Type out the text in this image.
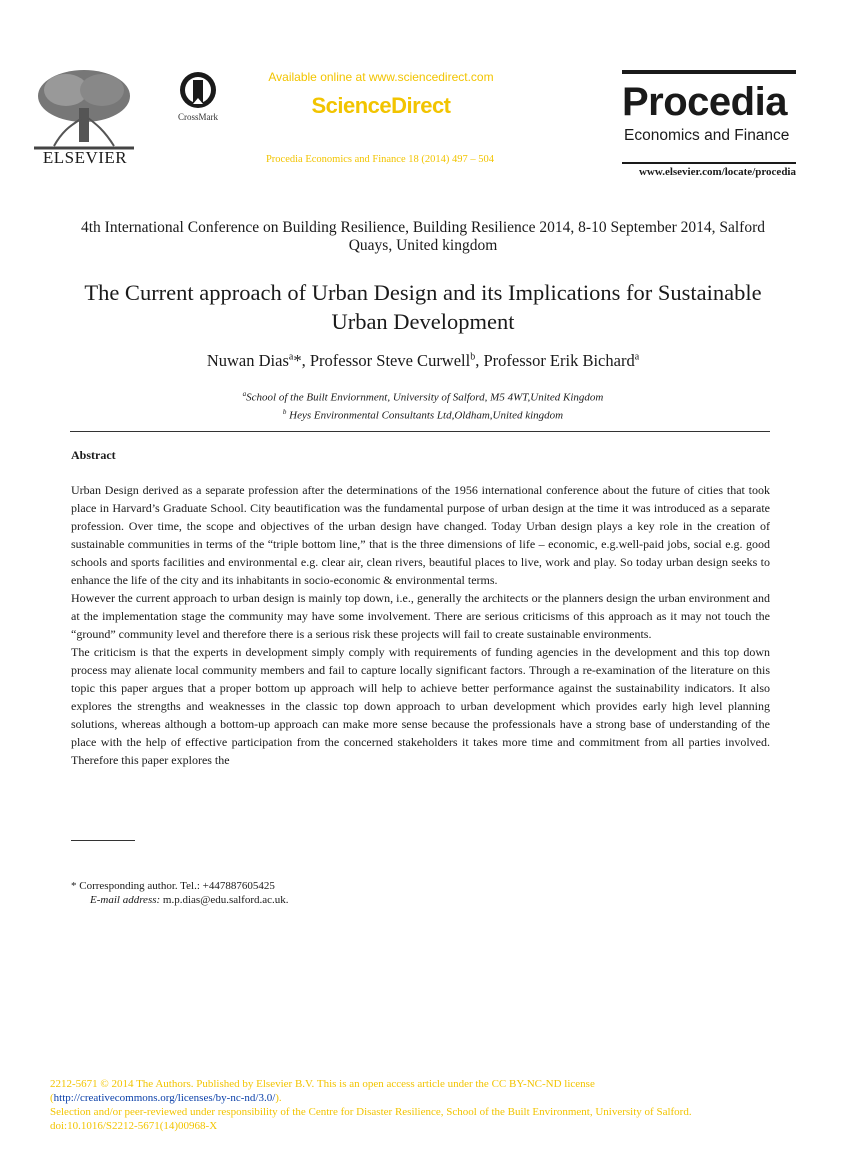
ELSEVIER
CrossMark
Available online at www.sciencedirect.com
ScienceDirect
Procedia Economics and Finance 18 (2014) 497 – 504
Procedia
Economics and Finance
www.elsevier.com/locate/procedia
4th International Conference on Building Resilience, Building Resilience 2014, 8-10 September 2014, Salford Quays, United kingdom
The Current approach of Urban Design and its Implications for Sustainable Urban Development
Nuwan Dias$^a$*, Professor Steve Curwell$^b$, Professor Erik Bichard$^a$
$^a$School of the Built Enviornment, University of Salford, M5 4WT,United Kingdom
$^b$ Heys Environmental Consultants Ltd,Oldham,United kingdom
Abstract

Urban Design derived as a separate profession after the determinations of the 1956 international conference about the future of cities that took place in Harvard’s Graduate School. City beautification was the fundamental purpose of urban design at the time it was introduced as a separate profession. Over time, the scope and objectives of the urban design have changed. Today Urban design plays a key role in the creation of sustainable communities in terms of the “triple bottom line,” that is the three dimensions of life – economic, e.g.well-paid jobs, social e.g. good schools and sports facilities and environmental e.g. clear air, clean rivers, beautiful places to live, work and play. So today urban design seeks to enhance the life of the city and its inhabitants in socio-economic & environmental terms.

However the current approach to urban design is mainly top down, i.e., generally the architects or the planners design the urban environment and at the implementation stage the community may have some involvement. There are serious criticisms of this approach as it may not touch the “ground” community level and therefore there is a serious risk these projects will fail to create sustainable environments.

The criticism is that the experts in development simply comply with requirements of funding agencies in the development and this top down process may alienate local community members and fail to capture locally significant factors. Through a re-examination of the literature on this topic this paper argues that a proper bottom up approach will help to achieve better performance against the sustainability indicators. It also explores the strengths and weaknesses in the classic top down approach to urban development which provides early high level planning solutions, whereas although a bottom-up approach can make more sense because the professionals have a strong base of understanding of the place with the help of effective participation from the concerned stakeholders it takes more time and commitment from all parties involved. Therefore this paper explores the

* Corresponding author. Tel.: +447887605425
E-mail address: m.p.dias@edu.salford.ac.uk.
2212-5671 © 2014 The Authors. Published by Elsevier B.V. This is an open access article under the CC BY-NC-ND license
(http://creativecommons.org/licenses/by-nc-nd/3.0/).
Selection and/or peer-reviewed under responsibility of the Centre for Disaster Resilience, School of the Built Environment, University of Salford.
doi:10.1016/S2212-5671(14)00968-X
